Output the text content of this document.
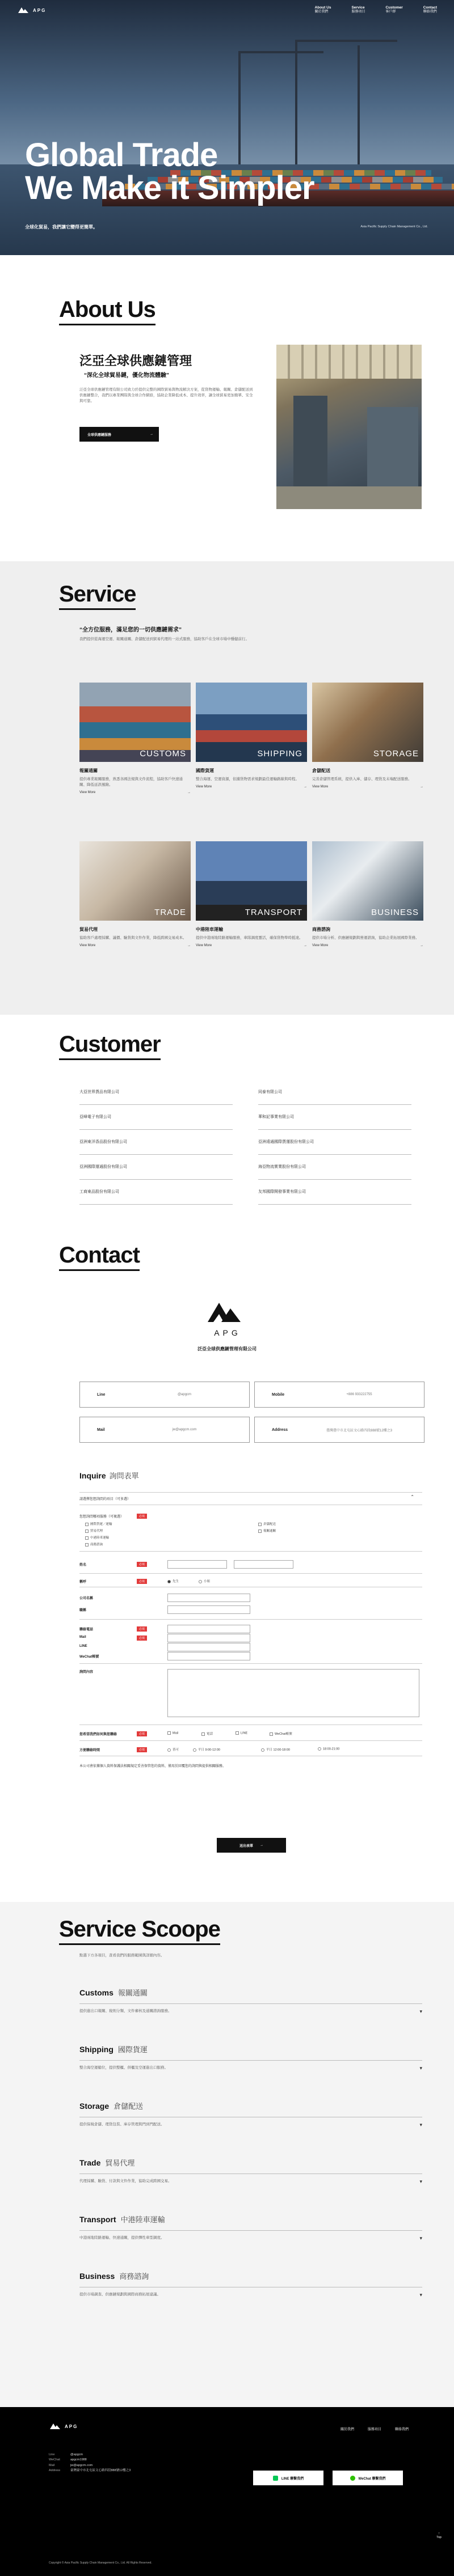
APG
About Us
關於我們
Service
服務項目
Customer
客戶群
Contact
聯絡我們
Global Trade
We Make it Simpler
全球化貿易，我們讓它變得更簡單。	Asia Pacific Supply Chain Management Co., Ltd.
About Us
泛亞全球供應鏈管理
“深化全球貿易鏈，優化物流體驗”
泛亞全球供應鏈管理有限公司致力於提供完整的國際貿易與物流解決方案，從貨物運輸、報關、倉儲配送到供應鏈整合，我們以專業團隊與全球合作網絡，協助企業降低成本、提升效率，讓全球貿易更加簡單、安全與可靠。
全球供應鏈服務	→
Service
“全方位服務，滿足您的一切供應鏈需求”
我們提供從海運空運、報關通關、倉儲配送到貿易代理的一站式服務，協助客戶在全球市場中穩健前行。
CUSTOMS
報關通關
提供專業報關服務，熟悉各國法規與文件流程，協助客戶快速通關、降低延誤風險。
View More	→
SHIPPING
國際貨運
整合海運、空運資源，依據貨物需求規劃最佳運輸路線與時程。
View More	→
STORAGE
倉儲配送
完善倉儲管理系統，提供入庫、儲存、理貨及末端配送服務。
View More	→
TRADE
貿易代理
協助客戶處理採購、議價、驗貨與文件作業，降低跨國交易成本。
View More	→
TRANSPORT
中港陸車運輸
提供中港兩地陸路運輸服務，車隊調度靈活，確保貨物準時抵達。
View More	→
BUSINESS
商務諮詢
提供市場分析、供應鏈規劃與營運諮詢，協助企業拓展國際業務。
View More	→
Customer
大亞世界貨品有限公司
亞峰電子有限公司
亞洲東洋香品股份有限公司
亞洲國際運通股份有限公司
工商東品股份有限公司
同泰有限公司
華和記事業有限公司
亞洲遠通國際貨運股份有限公司
海亞物流實業股份有限公司
友邦國際開發事業有限公司
Contact
APG
泛亞全球供應鏈管理有限公司
Line	@apgcm	Mobile	+886 933222755
Mail	jw@apgcm.com	Address	臺灣臺中市北屯區文心路四段888號12樓之3
Inquire 詢問表單
請選擇您想詢問的項目（可多選）	⌃
您想詢問哪項服務（可複選）	必填
國際貨運／運輸	倉儲配送
貿易代理	報關通關
中港陸車運輸
商務諮詢
姓名	必填
稱呼	必填	先生	小姐
公司名稱
職稱
聯絡電話	必填
Mail	必填
LINE
WeChat帳號
詢問內容
您希望我們如何與您聯絡	必填	Mail	電話	LINE	WeChat帳號
方便聯絡時間	必填	皆可	平日 9:00-12:00	平日 12:00-18:00	18:00-21:00
本公司會依據個人資料保護法相關規定妥善保管您的資料，僅用於回覆您的詢問與提供相關服務。
送出表單 →
Service Scoope
點選下方各項目，查看我們的服務範圍與詳細內容。
Customs 報關通關
提供進出口報關、稅則分類、文件審核及通關諮詢服務。	▾
Shipping 國際貨運
整合海空運艙位，提供整櫃、併櫃及空運進出口服務。	▾
Storage 倉儲配送
提供保稅倉儲、理貨包裝、庫存管理與門到門配送。	▾
Trade 貿易代理
代理採購、驗貨、付款與文件作業，協助完成跨國交易。	▾
Transport 中港陸車運輸
中港兩地陸路運輸、快速通關，提供彈性車型調度。	▾
Business 商務諮詢
提供市場調查、供應鏈規劃與國際商務拓展建議。	▾
APG
關於我們	服務項目	聯絡我們
Line	@apgcm
WeChat	apgcm1988
Mail	jw@apgcm.com
Address	臺灣臺中市北屯區文心路四段888號12樓之3
LINE 聯繫我們	WeChat 聯繫我們
↑
Top
Copyright © Asia Pacific Supply Chain Management Co., Ltd. All Rights Reserved.
